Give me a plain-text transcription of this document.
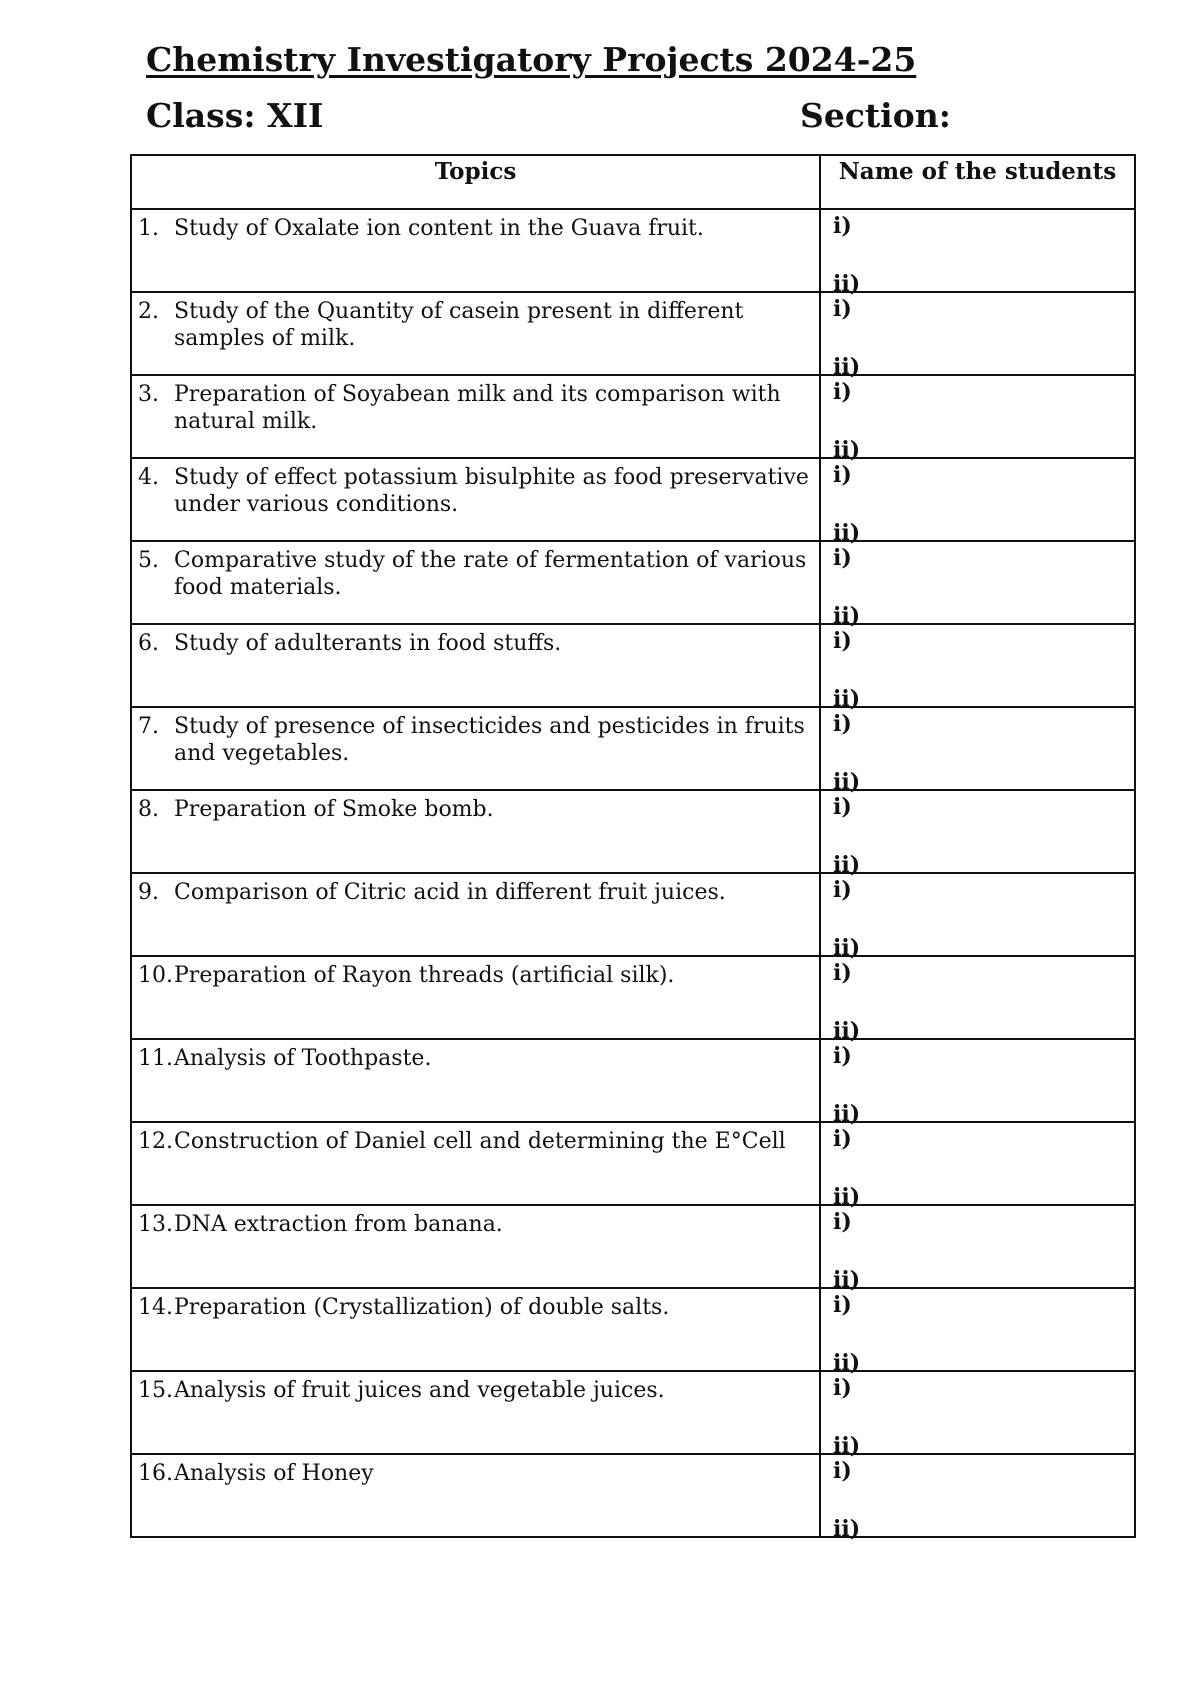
Chemistry Investigatory Projects 2024-25
Class: XII	Section:
Topics	Name of the students

1. Study of Oxalate ion content in the Guava fruit.	i)
ii)

2. Study of the Quantity of casein present in different samples of milk.	i)
ii)

3. Preparation of Soyabean milk and its comparison with natural milk.	i)
ii)

4. Study of effect potassium bisulphite as food preservative under various conditions.	i)
ii)

5. Comparative study of the rate of fermentation of various food materials.	i)
ii)

6. Study of adulterants in food stuffs.	i)
ii)

7. Study of presence of insecticides and pesticides in fruits and vegetables.	i)
ii)

8. Preparation of Smoke bomb.	i)
ii)

9. Comparison of Citric acid in different fruit juices.	i)
ii)

10. Preparation of Rayon threads (artificial silk).	i)
ii)

11. Analysis of Toothpaste.	i)
ii)

12. Construction of Daniel cell and determining the E°Cell	i)
ii)

13. DNA extraction from banana.	i)
ii)

14. Preparation (Crystallization) of double salts.	i)
ii)

15. Analysis of fruit juices and vegetable juices.	i)
ii)

16. Analysis of Honey	i)
ii)
